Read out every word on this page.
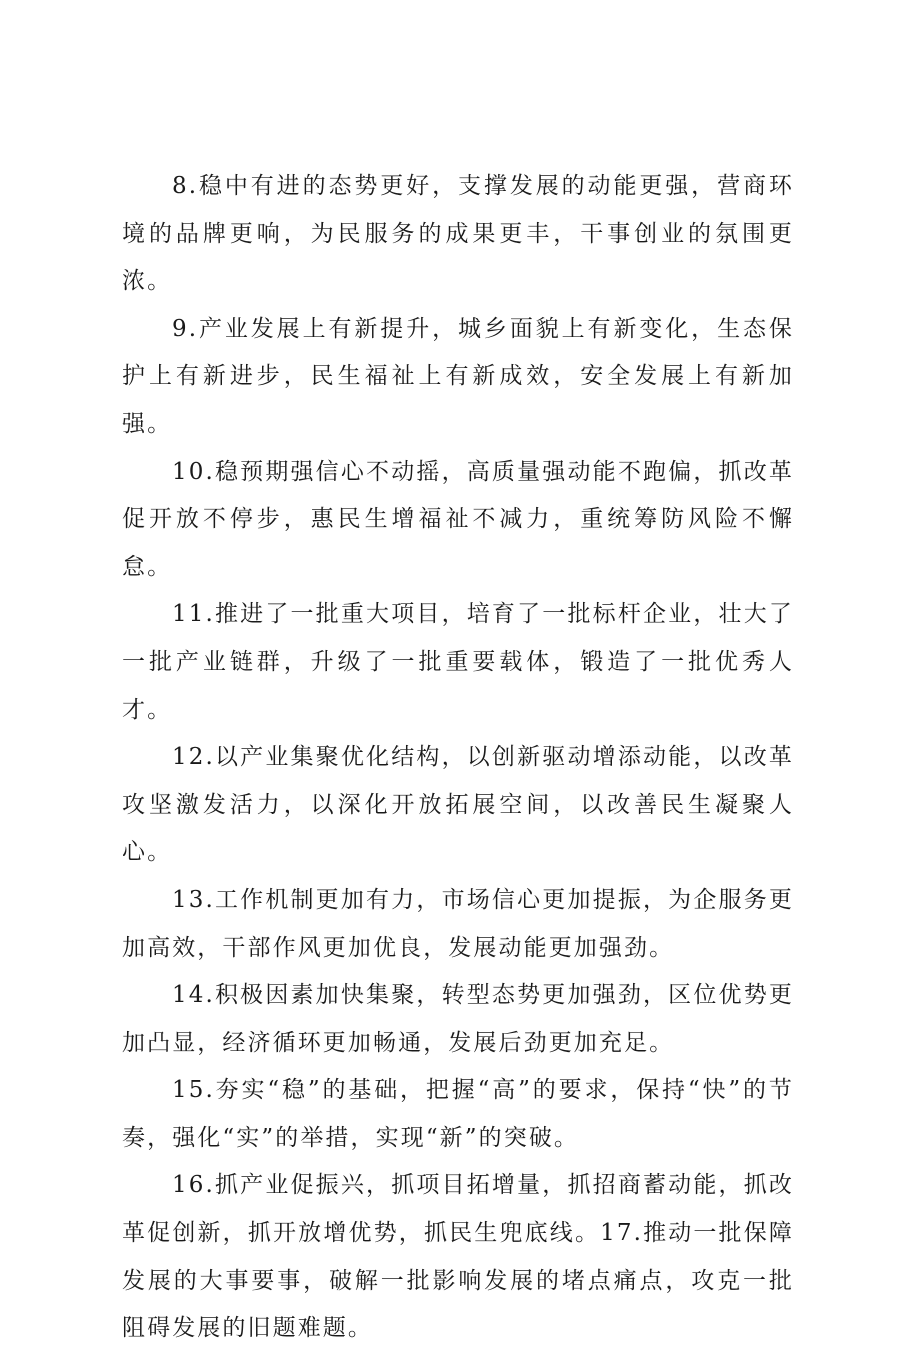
8.稳中有进的态势更好，支撑发展的动能更强，营商环境的品牌更响，为民服务的成果更丰，干事创业的氛围更浓。

9.产业发展上有新提升，城乡面貌上有新变化，生态保护上有新进步，民生福祉上有新成效，安全发展上有新加强。

10.稳预期强信心不动摇，高质量强动能不跑偏，抓改革促开放不停步，惠民生增福祉不减力，重统筹防风险不懈怠。

11.推进了一批重大项目，培育了一批标杆企业，壮大了一批产业链群，升级了一批重要载体，锻造了一批优秀人才。

12.以产业集聚优化结构，以创新驱动增添动能，以改革攻坚激发活力，以深化开放拓展空间，以改善民生凝聚人心。

13.工作机制更加有力，市场信心更加提振，为企服务更加高效，干部作风更加优良，发展动能更加强劲。

14.积极因素加快集聚，转型态势更加强劲，区位优势更加凸显，经济循环更加畅通，发展后劲更加充足。

15.夯实“稳”的基础，把握“高”的要求，保持“快”的节奏，强化“实”的举措，实现“新”的突破。

16.抓产业促振兴，抓项目拓增量，抓招商蓄动能，抓改革促创新，抓开放增优势，抓民生兜底线。17.推动一批保障发展的大事要事，破解一批影响发展的堵点痛点，攻克一批阻碍发展的旧题难题。
